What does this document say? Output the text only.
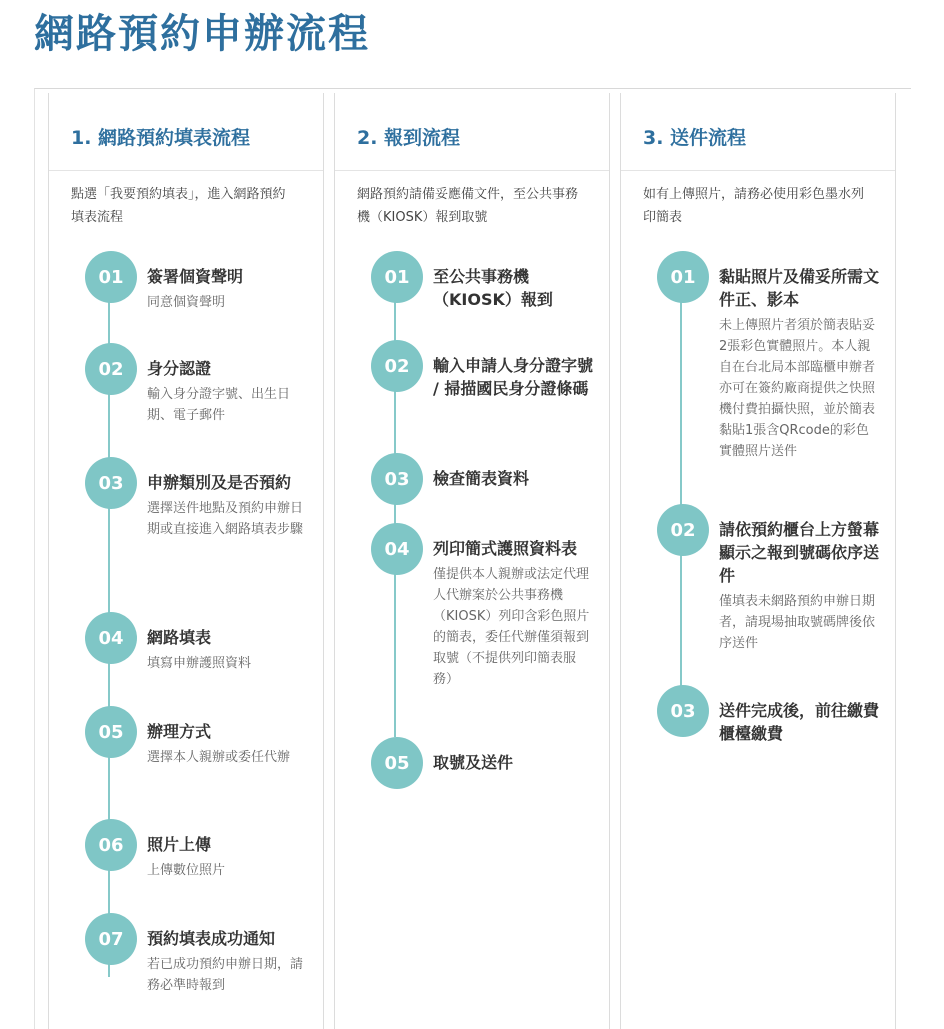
網路預約申辦流程
1. 網路預約填表流程
點選「我要預約填表」，進入網路預約填表流程
01	簽署個資聲明
同意個資聲明
02	身分認證
輸入身分證字號、出生日期、電子郵件
03	申辦類別及是否預約
選擇送件地點及預約申辦日期或直接進入網路填表步驟
04	網路填表
填寫申辦護照資料
05	辦理方式
選擇本人親辦或委任代辦
06	照片上傳
上傳數位照片
07	預約填表成功通知
若已成功預約申辦日期，請務必準時報到
2. 報到流程
網路預約請備妥應備文件，至公共事務機（KIOSK）報到取號
01	至公共事務機（KIOSK）報到
02	輸入申請人身分證字號 / 掃描國民身分證條碼
03	檢查簡表資料
04	列印簡式護照資料表
僅提供本人親辦或法定代理人代辦案於公共事務機（KIOSK）列印含彩色照片的簡表，委任代辦僅須報到取號（不提供列印簡表服務）
05	取號及送件
3. 送件流程
如有上傳照片，請務必使用彩色墨水列印簡表
01	黏貼照片及備妥所需文件正、影本
未上傳照片者須於簡表貼妥2張彩色實體照片。本人親自在台北局本部臨櫃申辦者亦可在簽約廠商提供之快照機付費拍攝快照，並於簡表黏貼1張含QRcode的彩色實體照片送件
02	請依預約櫃台上方螢幕顯示之報到號碼依序送件
僅填表未網路預約申辦日期者，請現場抽取號碼牌後依序送件
03	送件完成後，前往繳費櫃檯繳費
